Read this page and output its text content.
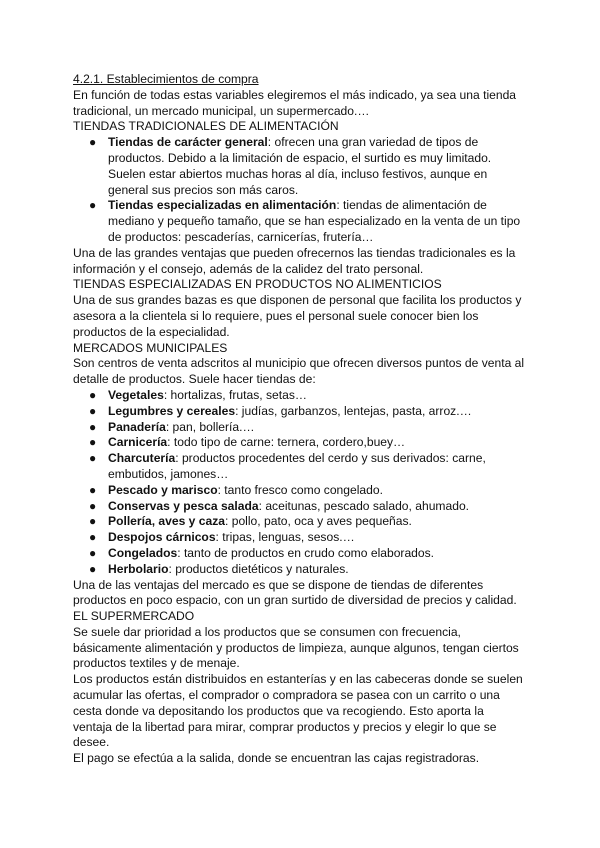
4.2.1. Establecimientos de compra

En función de todas estas variables elegiremos el más indicado, ya sea una tienda tradicional, un mercado municipal, un supermercado.…

TIENDAS TRADICIONALES DE ALIMENTACIÓN

● Tiendas de carácter general: ofrecen una gran variedad de tipos de productos. Debido a la limitación de espacio, el surtido es muy limitado. Suelen estar abiertos muchas horas al día, incluso festivos, aunque en general sus precios son más caros.
● Tiendas especializadas en alimentación: tiendas de alimentación de mediano y pequeño tamaño, que se han especializado en la venta de un tipo de productos: pescaderías, carnicerías, frutería…

Una de las grandes ventajas que pueden ofrecernos las tiendas tradicionales es la información y el consejo, además de la calidez del trato personal.

TIENDAS ESPECIALIZADAS EN PRODUCTOS NO ALIMENTICIOS

Una de sus grandes bazas es que disponen de personal que facilita los productos y asesora a la clientela si lo requiere, pues el personal suele conocer bien los productos de la especialidad.

MERCADOS MUNICIPALES

Son centros de venta adscritos al municipio que ofrecen diversos puntos de venta al detalle de productos. Suele hacer tiendas de:

● Vegetales: hortalizas, frutas, setas…
● Legumbres y cereales: judías, garbanzos, lentejas, pasta, arroz.…
● Panadería: pan, bollería.…
● Carnicería: todo tipo de carne: ternera, cordero,buey…
● Charcutería: productos procedentes del cerdo y sus derivados: carne, embutidos, jamones…
● Pescado y marisco: tanto fresco como congelado.
● Conservas y pesca salada: aceitunas, pescado salado, ahumado.
● Pollería, aves y caza: pollo, pato, oca y aves pequeñas.
● Despojos cárnicos: tripas, lenguas, sesos.…
● Congelados: tanto de productos en crudo como elaborados.
● Herbolario: productos dietéticos y naturales.

Una de las ventajas del mercado es que se dispone de tiendas de diferentes productos en poco espacio, con un gran surtido de diversidad de precios y calidad.

EL SUPERMERCADO

Se suele dar prioridad a los productos que se consumen con frecuencia, básicamente alimentación y productos de limpieza, aunque algunos, tengan ciertos productos textiles y de menaje.

Los productos están distribuidos en estanterías y en las cabeceras donde se suelen acumular las ofertas, el comprador o compradora se pasea con un carrito o una cesta donde va depositando los productos que va recogiendo. Esto aporta la ventaja de la libertad para mirar, comprar productos y precios y elegir lo que se desee.

El pago se efectúa a la salida, donde se encuentran las cajas registradoras.
